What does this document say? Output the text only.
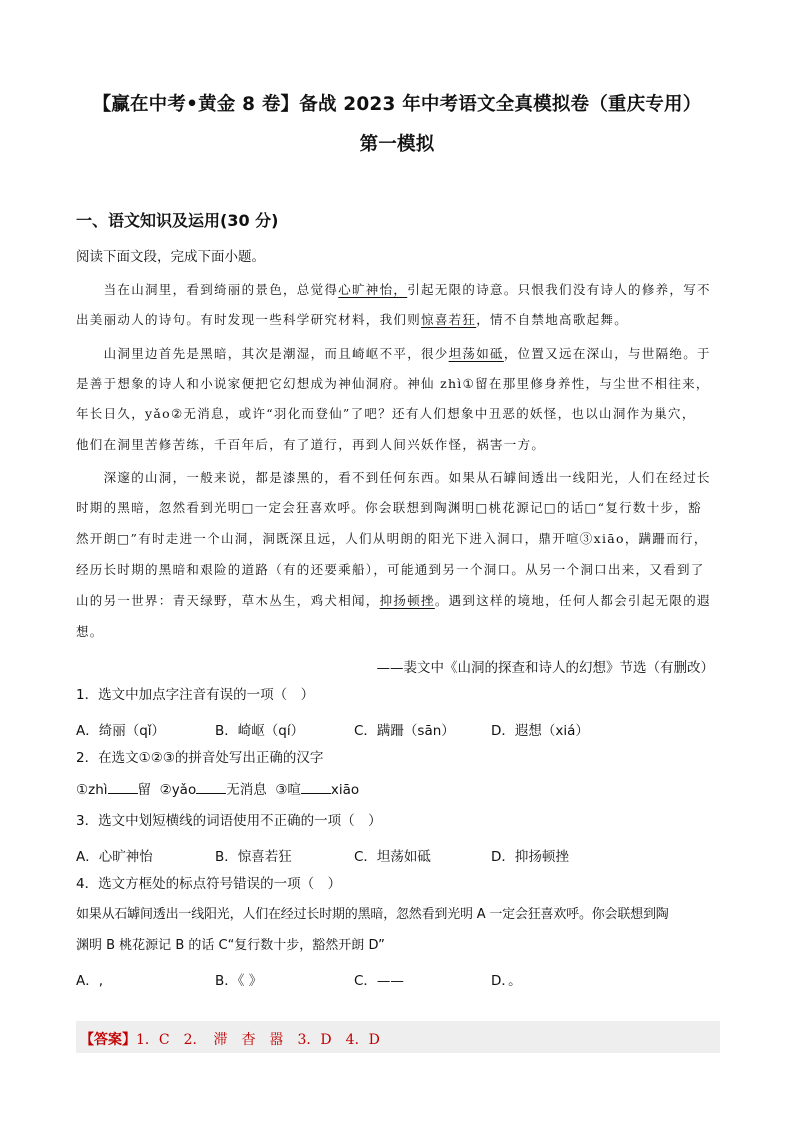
【赢在中考•黄金 8 卷】备战 2023 年中考语文全真模拟卷（重庆专用）
第一模拟
一、语文知识及运用(30 分)
阅读下面文段，完成下面小题。
　　当在山洞里，看到绮丽的景色，总觉得心旷神怡，引起无限的诗意。只恨我们没有诗人的修养，写不
出美丽动人的诗句。有时发现一些科学研究材料，我们则惊喜若狂，情不自禁地高歌起舞。
　　山洞里边首先是黑暗，其次是潮湿，而且崎岖不平，很少坦荡如砥，位置又远在深山，与世隔绝。于
是善于想象的诗人和小说家便把它幻想成为神仙洞府。神仙 zhì①留在那里修身养性，与尘世不相往来，
年长日久，yǎo②无消息，或许“羽化而登仙”了吧？还有人们想象中丑恶的妖怪，也以山洞作为巢穴，
他们在洞里苦修苦练，千百年后，有了道行，再到人间兴妖作怪，祸害一方。
　　深邃的山洞，一般来说，都是漆黑的，看不到任何东西。如果从石罅间透出一线阳光，人们在经过长
时期的黑暗，忽然看到光明□一定会狂喜欢呼。你会联想到陶渊明□桃花源记□的话□“复行数十步，豁
然开朗□”有时走进一个山洞，洞既深且远，人们从明朗的阳光下进入洞口，鼎开喧③xiāo，蹒跚而行，
经历长时期的黑暗和艰险的道路（有的还要乘船），可能通到另一个洞口。从另一个洞口出来，又看到了
山的另一世界：青天绿野，草木丛生，鸡犬相闻，抑扬顿挫。遇到这样的境地，任何人都会引起无限的遐
想。
——裴文中《山洞的探查和诗人的幻想》节选（有删改）
1．选文中加点字注音有误的一项（　）
A．绮丽（qǐ）	B．崎岖（qí）	C．蹒跚（sān）	D．遐想（xiá）
2．在选文①②③的拼音处写出正确的汉字
①zhì 留 ②yǎo 无消息 ③喧 xiāo
3．选文中划短横线的词语使用不正确的一项（　）
A．心旷神怡	B．惊喜若狂	C．坦荡如砥	D．抑扬顿挫
4．选文方框处的标点符号错误的一项（　）
如果从石罅间透出一线阳光，人们在经过长时期的黑暗，忽然看到光明 A 一定会狂喜欢呼。你会联想到陶
渊明 B 桃花源记 B 的话 C“复行数十步，豁然开朗 D”
A．,	B．《 》	C．——	D．。
【答案】1．C　2．　滞　杳　嚣　3．D　4．D
